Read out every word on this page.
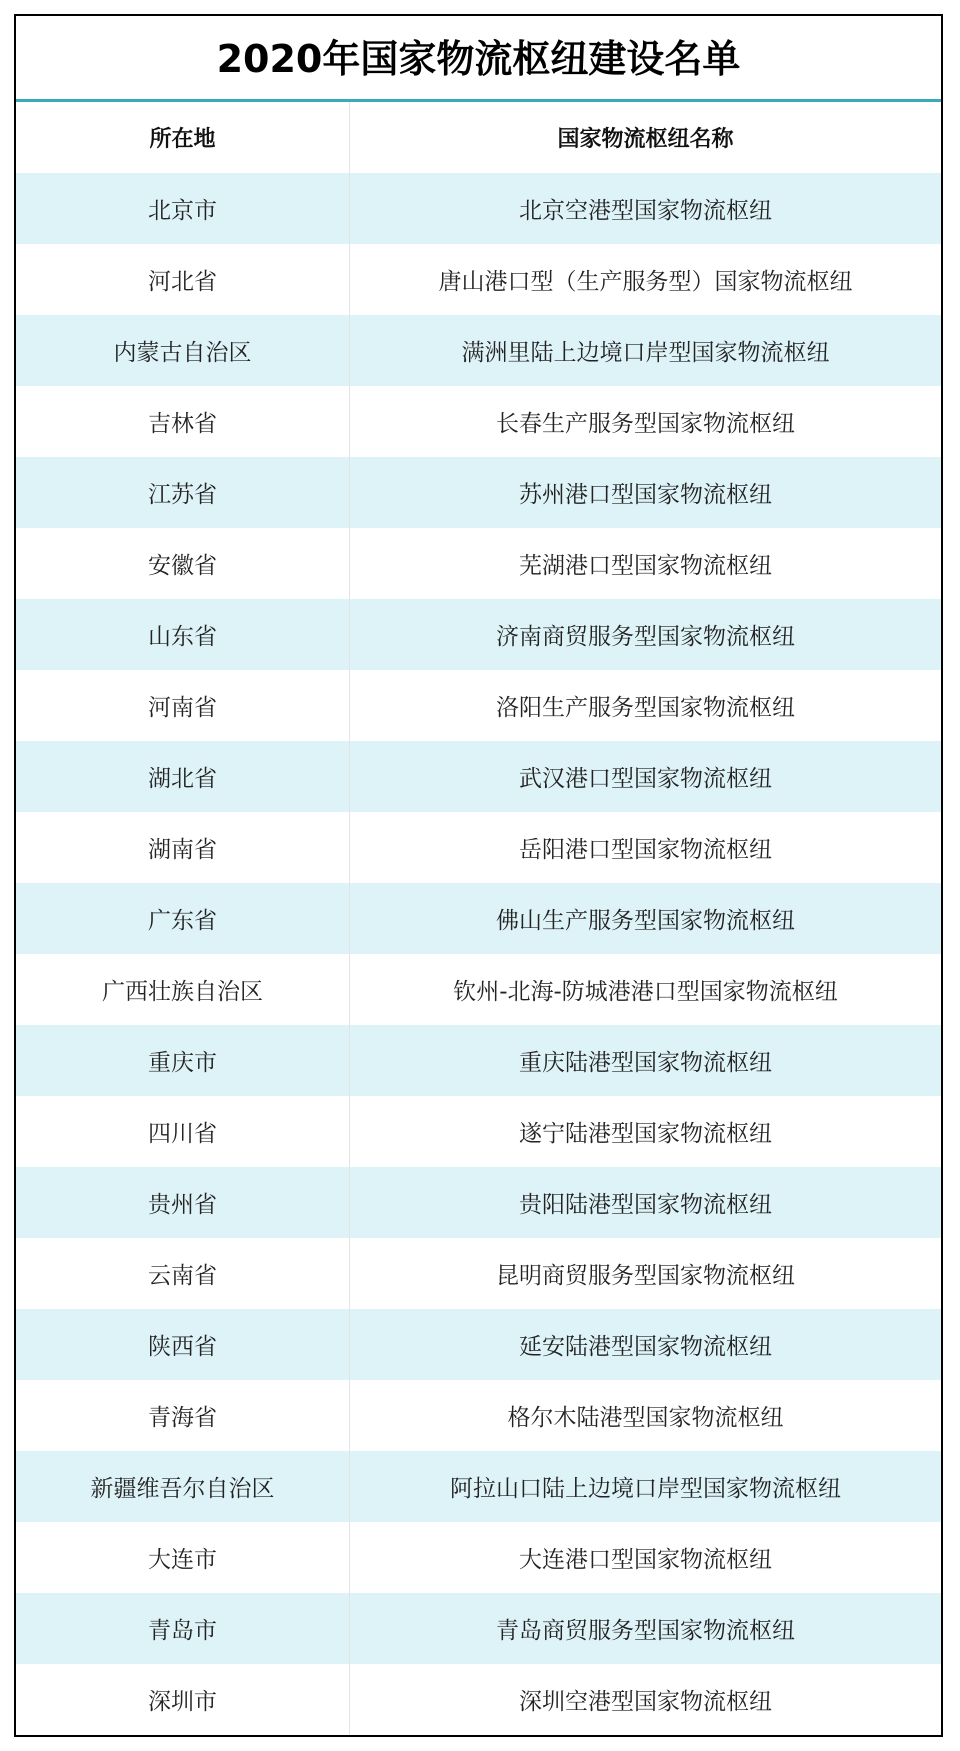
2020年国家物流枢纽建设名单
所在地	国家物流枢纽名称
北京市	北京空港型国家物流枢纽
河北省	唐山港口型（生产服务型）国家物流枢纽
内蒙古自治区	满洲里陆上边境口岸型国家物流枢纽
吉林省	长春生产服务型国家物流枢纽
江苏省	苏州港口型国家物流枢纽
安徽省	芜湖港口型国家物流枢纽
山东省	济南商贸服务型国家物流枢纽
河南省	洛阳生产服务型国家物流枢纽
湖北省	武汉港口型国家物流枢纽
湖南省	岳阳港口型国家物流枢纽
广东省	佛山生产服务型国家物流枢纽
广西壮族自治区	钦州-北海-防城港港口型国家物流枢纽
重庆市	重庆陆港型国家物流枢纽
四川省	遂宁陆港型国家物流枢纽
贵州省	贵阳陆港型国家物流枢纽
云南省	昆明商贸服务型国家物流枢纽
陕西省	延安陆港型国家物流枢纽
青海省	格尔木陆港型国家物流枢纽
新疆维吾尔自治区	阿拉山口陆上边境口岸型国家物流枢纽
大连市	大连港口型国家物流枢纽
青岛市	青岛商贸服务型国家物流枢纽
深圳市	深圳空港型国家物流枢纽
